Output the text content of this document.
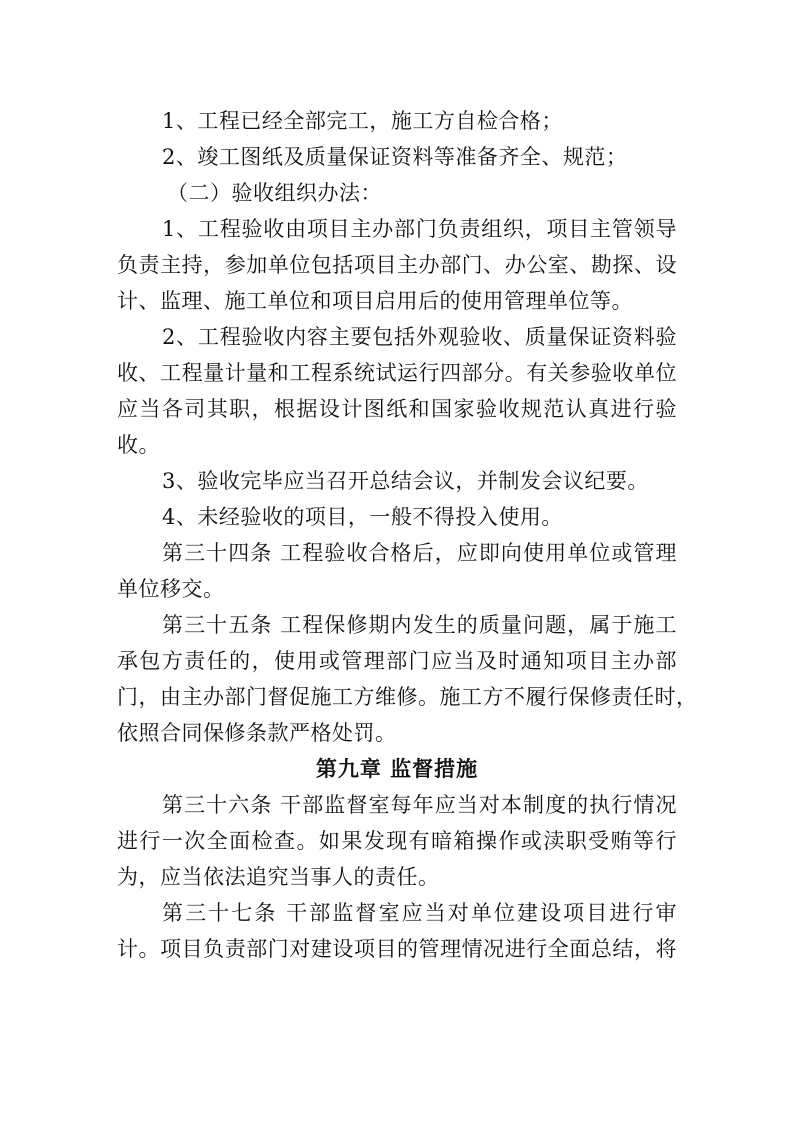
1、工程已经全部完工，施工方自检合格；
2、竣工图纸及质量保证资料等准备齐全、规范；
（二）验收组织办法：
1、工程验收由项目主办部门负责组织，项目主管领导
负责主持，参加单位包括项目主办部门、办公室、勘探、设
计、监理、施工单位和项目启用后的使用管理单位等。
2、工程验收内容主要包括外观验收、质量保证资料验
收、工程量计量和工程系统试运行四部分。有关参验收单位
应当各司其职，根据设计图纸和国家验收规范认真进行验
收。
3、验收完毕应当召开总结会议，并制发会议纪要。
4、未经验收的项目，一般不得投入使用。
第三十四条 工程验收合格后，应即向使用单位或管理
单位移交。
第三十五条 工程保修期内发生的质量问题，属于施工
承包方责任的，使用或管理部门应当及时通知项目主办部
门，由主办部门督促施工方维修。施工方不履行保修责任时，
依照合同保修条款严格处罚。
第九章 监督措施
第三十六条 干部监督室每年应当对本制度的执行情况
进行一次全面检查。如果发现有暗箱操作或渎职受贿等行
为，应当依法追究当事人的责任。
第三十七条 干部监督室应当对单位建设项目进行审
计。项目负责部门对建设项目的管理情况进行全面总结，将
